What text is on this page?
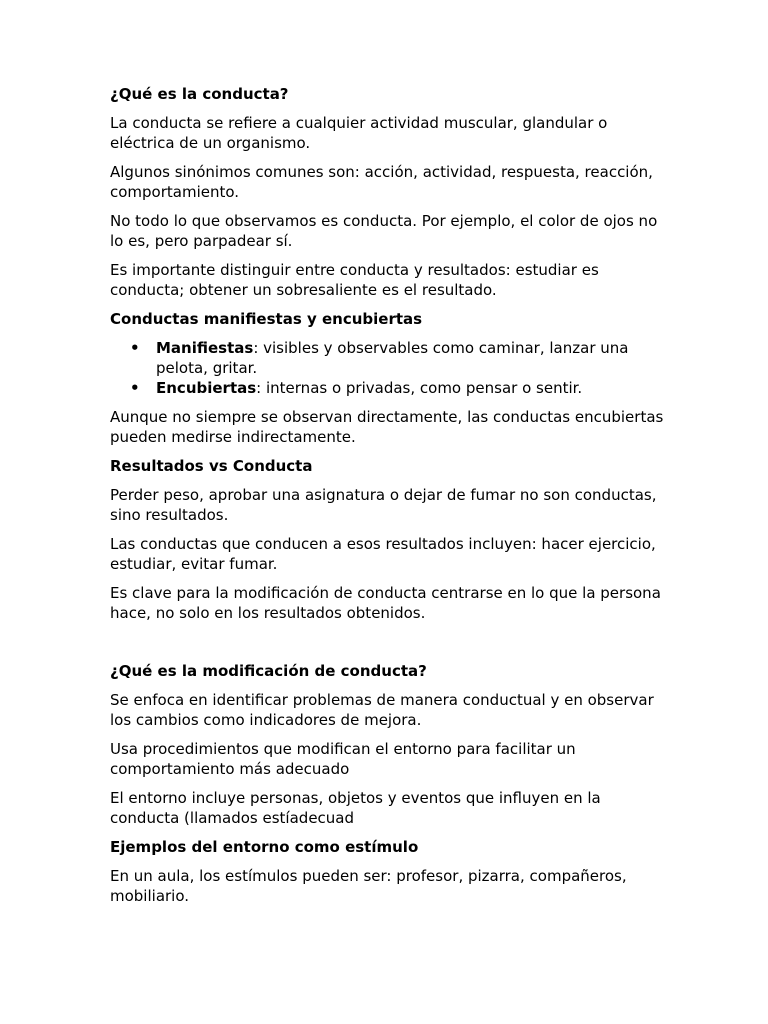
¿Qué es la conducta?

La conducta se refiere a cualquier actividad muscular, glandular o eléctrica de un organismo.

Algunos sinónimos comunes son: acción, actividad, respuesta, reacción, comportamiento.

No todo lo que observamos es conducta. Por ejemplo, el color de ojos no lo es, pero parpadear sí.

Es importante distinguir entre conducta y resultados: estudiar es conducta; obtener un sobresaliente es el resultado.

Conductas manifiestas y encubiertas
• Manifiestas: visibles y observables como caminar, lanzar una pelota, gritar.
• Encubiertas: internas o privadas, como pensar o sentir.

Aunque no siempre se observan directamente, las conductas encubiertas pueden medirse indirectamente.

Resultados vs Conducta

Perder peso, aprobar una asignatura o dejar de fumar no son conductas, sino resultados.

Las conductas que conducen a esos resultados incluyen: hacer ejercicio, estudiar, evitar fumar.

Es clave para la modificación de conducta centrarse en lo que la persona hace, no solo en los resultados obtenidos.

¿Qué es la modificación de conducta?

Se enfoca en identificar problemas de manera conductual y en observar los cambios como indicadores de mejora.

Usa procedimientos que modifican el entorno para facilitar un comportamiento más adecuado

El entorno incluye personas, objetos y eventos que influyen en la conducta (llamados estíadecuad

Ejemplos del entorno como estímulo

En un aula, los estímulos pueden ser: profesor, pizarra, compañeros, mobiliario.
